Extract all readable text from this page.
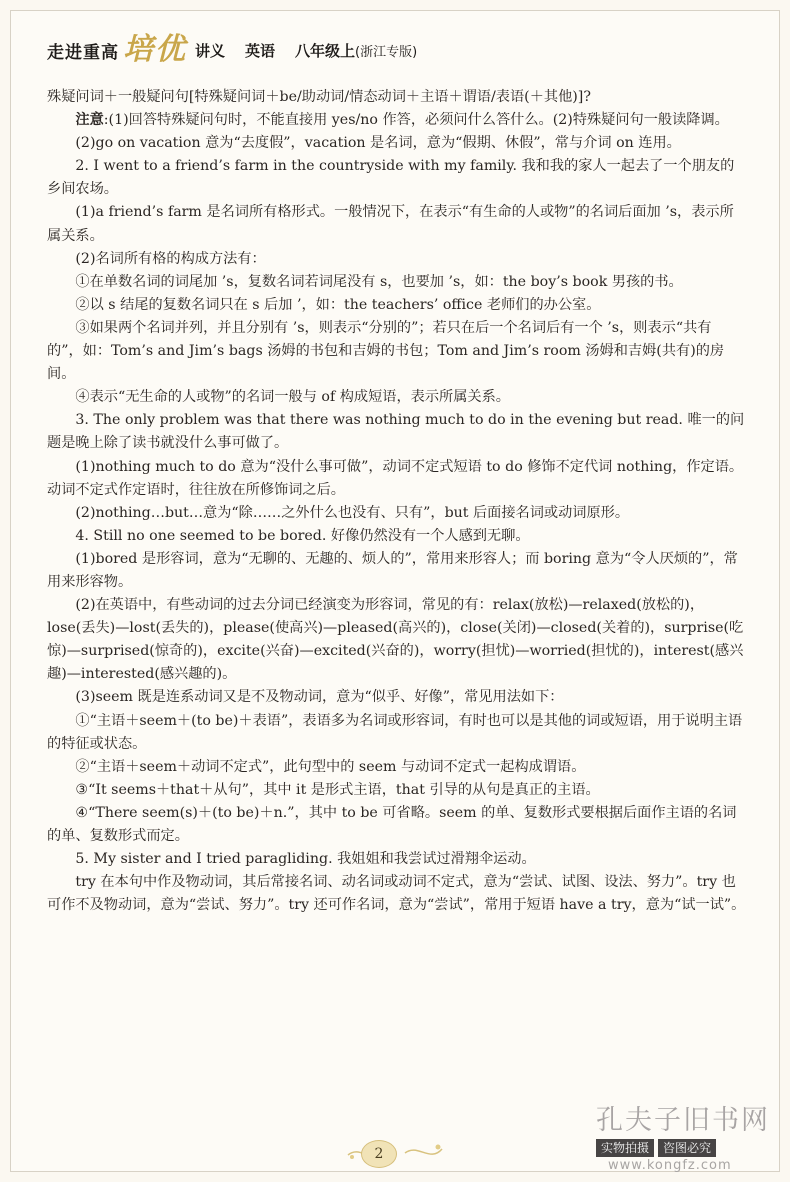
走进重高 培优 讲义 英语 八年级上(浙江专版)

殊疑问词＋一般疑问句[特殊疑问词＋be/助动词/情态动词＋主语＋谓语/表语(＋其他)]?

注意:(1)回答特殊疑问句时，不能直接用 yes/no 作答，必须问什么答什么。(2)特殊疑问句一般读降调。

(2)go on vacation 意为“去度假”，vacation 是名词，意为“假期、休假”，常与介词 on 连用。

2. I went to a friend’s farm in the countryside with my family. 我和我的家人一起去了一个朋友的乡间农场。

(1)a friend’s farm 是名词所有格形式。一般情况下，在表示“有生命的人或物”的名词后面加 ’s，表示所属关系。

(2)名词所有格的构成方法有：

①在单数名词的词尾加 ’s，复数名词若词尾没有 s，也要加 ’s，如：the boy’s book 男孩的书。

②以 s 结尾的复数名词只在 s 后加 ’，如：the teachers’ office 老师们的办公室。

③如果两个名词并列，并且分别有 ’s，则表示“分别的”；若只在后一个名词后有一个 ’s，则表示“共有的”，如：Tom’s and Jim’s bags 汤姆的书包和吉姆的书包；Tom and Jim’s room 汤姆和吉姆(共有)的房间。

④表示“无生命的人或物”的名词一般与 of 构成短语，表示所属关系。

3. The only problem was that there was nothing much to do in the evening but read. 唯一的问题是晚上除了读书就没什么事可做了。

(1)nothing much to do 意为“没什么事可做”，动词不定式短语 to do 修饰不定代词 nothing，作定语。动词不定式作定语时，往往放在所修饰词之后。

(2)nothing…but…意为“除……之外什么也没有、只有”，but 后面接名词或动词原形。

4. Still no one seemed to be bored. 好像仍然没有一个人感到无聊。

(1)bored 是形容词，意为“无聊的、无趣的、烦人的”，常用来形容人；而 boring 意为“令人厌烦的”，常用来形容物。

(2)在英语中，有些动词的过去分词已经演变为形容词，常见的有：relax(放松)—relaxed(放松的)，lose(丢失)—lost(丢失的)，please(使高兴)—pleased(高兴的)，close(关闭)—closed(关着的)，surprise(吃惊)—surprised(惊奇的)，excite(兴奋)—excited(兴奋的)，worry(担忧)—worried(担忧的)，interest(感兴趣)—interested(感兴趣的)。

(3)seem 既是连系动词又是不及物动词，意为“似乎、好像”，常见用法如下：

①“主语＋seem＋(to be)＋表语”，表语多为名词或形容词，有时也可以是其他的词或短语，用于说明主语的特征或状态。

②“主语＋seem＋动词不定式”，此句型中的 seem 与动词不定式一起构成谓语。

③“It seems＋that＋从句”，其中 it 是形式主语，that 引导的从句是真正的主语。

④“There seem(s)＋(to be)＋n.”，其中 to be 可省略。seem 的单、复数形式要根据后面作主语的名词的单、复数形式而定。

5. My sister and I tried paragliding. 我姐姐和我尝试过滑翔伞运动。

try 在本句中作及物动词，其后常接名词、动名词或动词不定式，意为“尝试、试图、设法、努力”。try 也可作不及物动词，意为“尝试、努力”。try 还可作名词，意为“尝试”，常用于短语 have a try，意为“试一试”。

2
孔夫子旧书网
实物拍摄	咨图必究
www.kongfz.com
